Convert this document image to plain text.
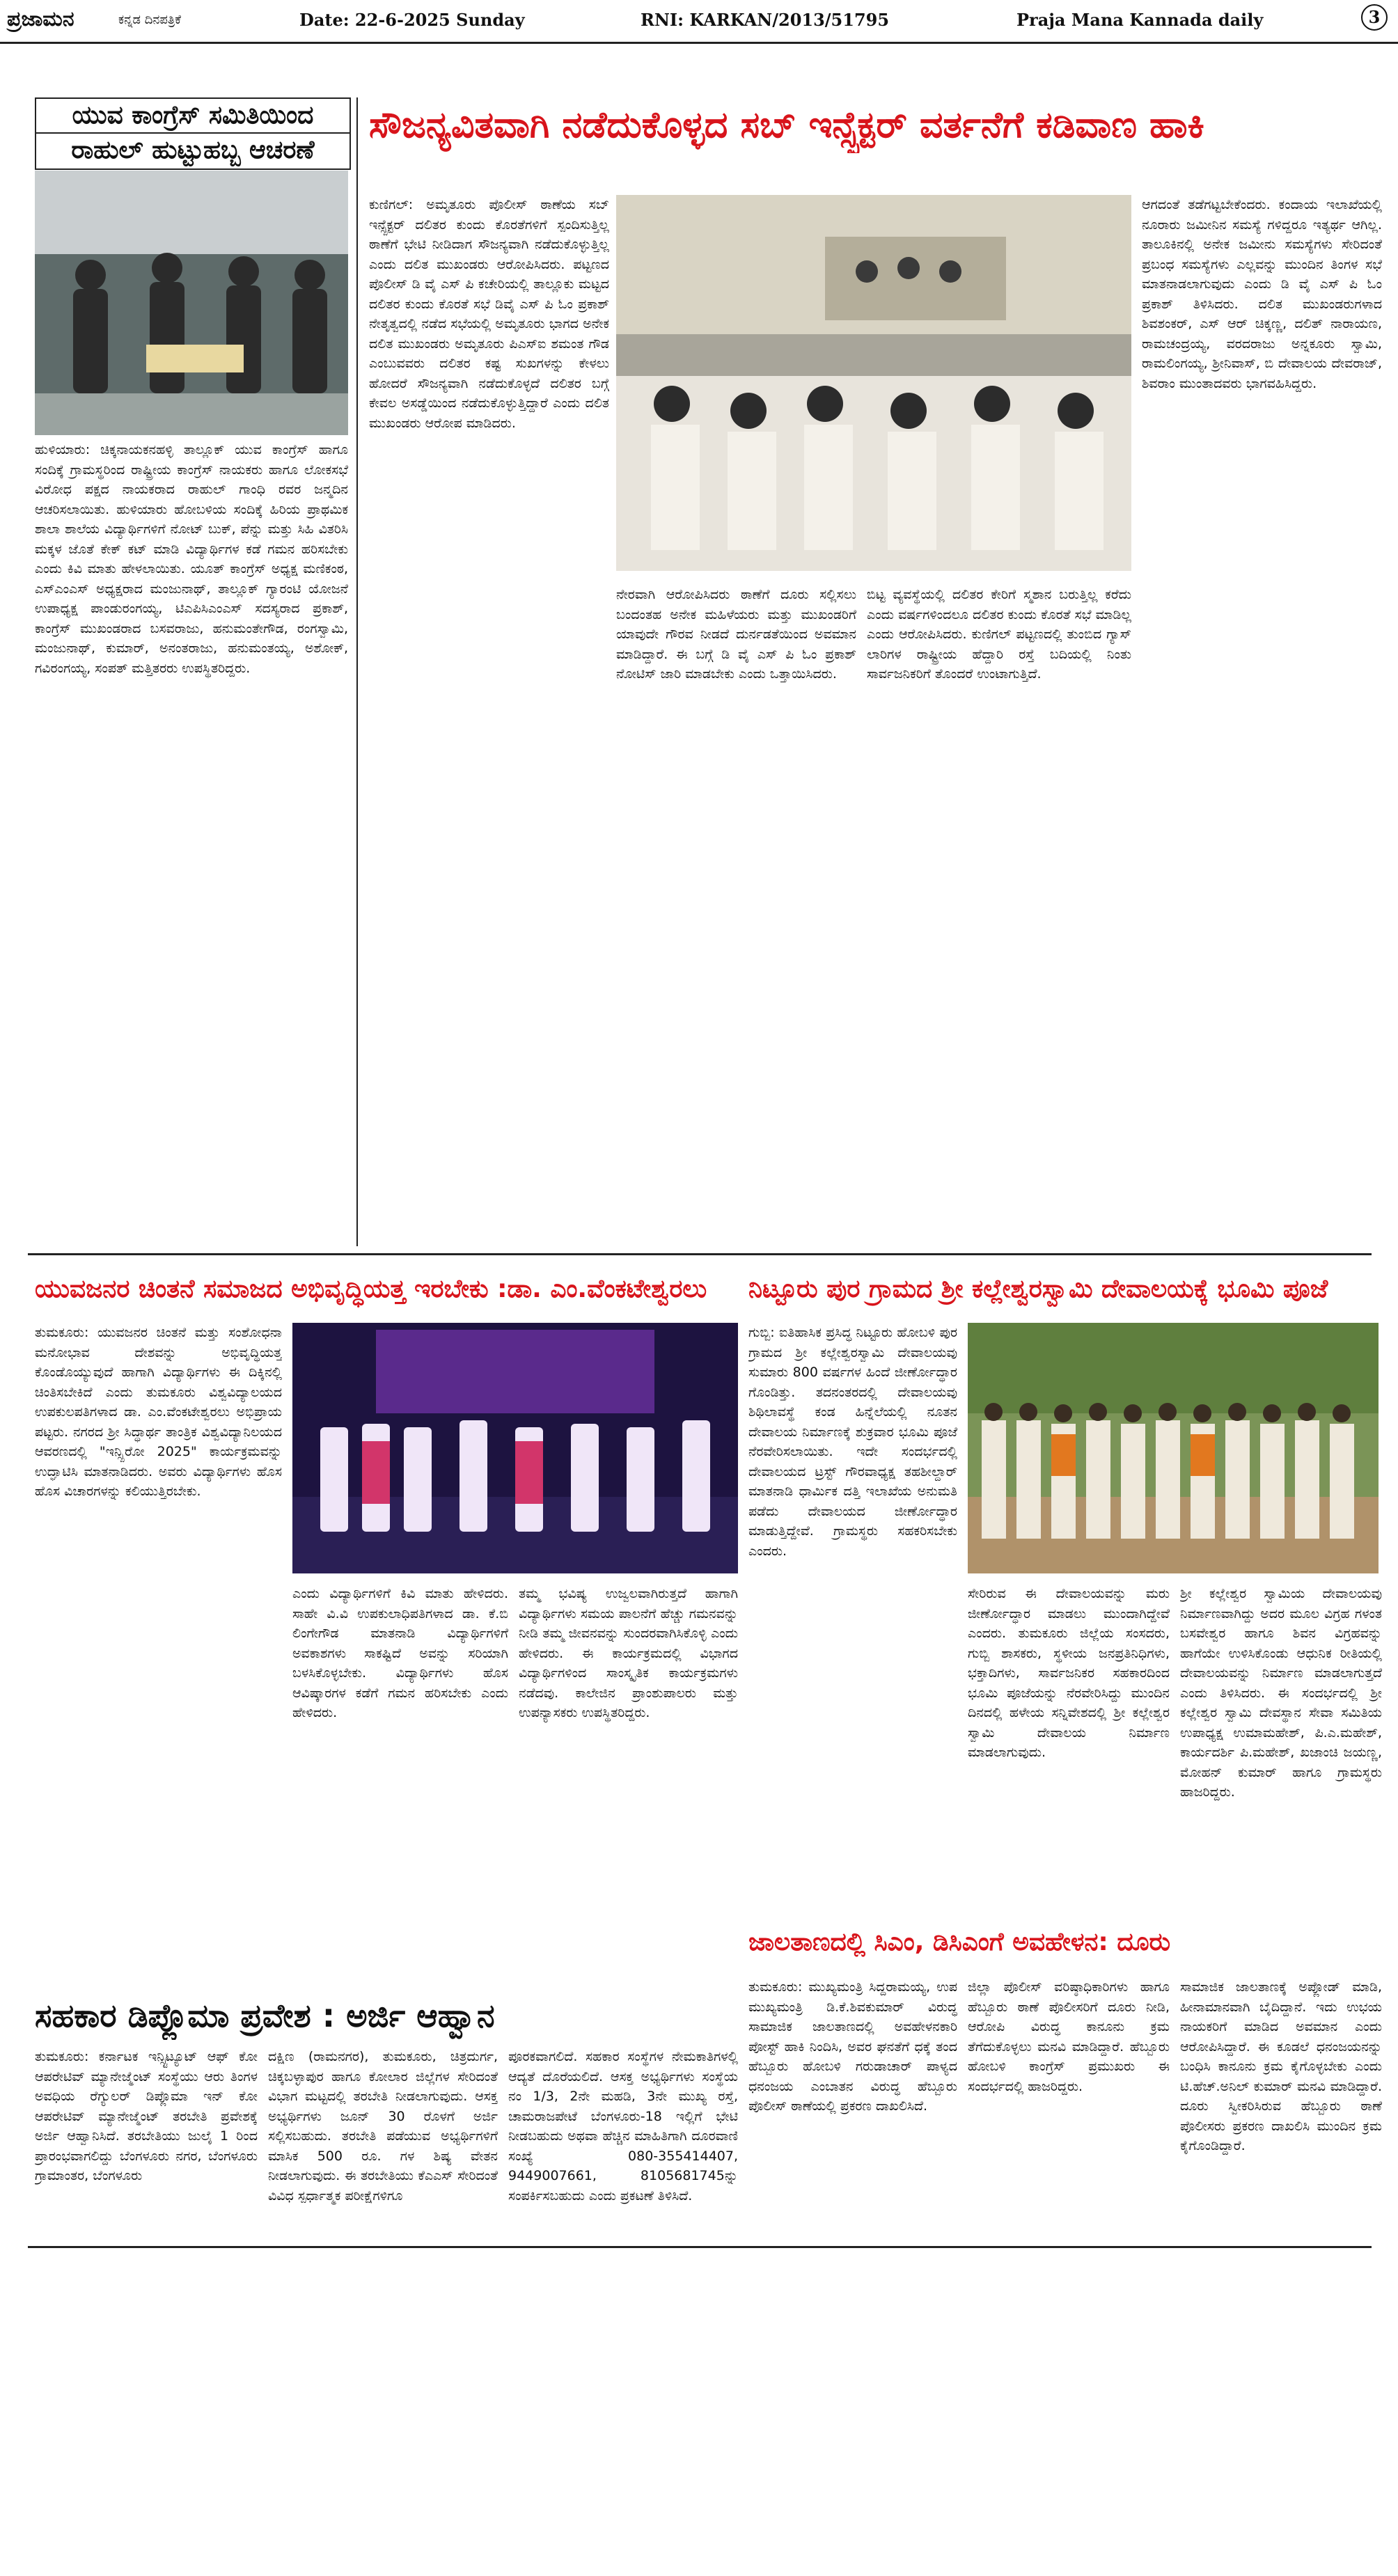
ಪ್ರಜಾಮನ	ಕನ್ನಡ ದಿನಪತ್ರಿಕೆ	Date: 22-6-2025 Sunday	RNI: KARKAN/2013/51795	Praja Mana Kannada daily	3
ಯುವ ಕಾಂಗ್ರೆಸ್ ಸಮಿತಿಯಿಂದ
ರಾಹುಲ್ ಹುಟ್ಟುಹಬ್ಬ ಆಚರಣೆ

ಹುಳಿಯಾರು: ಚಿಕ್ಕನಾಯಕನಹಳ್ಳಿ ತಾಲ್ಲೂಕ್ ಯುವ ಕಾಂಗ್ರೆಸ್ ಹಾಗೂ ಸಂದಿಕ್ಕೆ ಗ್ರಾಮಸ್ಥರಿಂದ ರಾಷ್ಟ್ರೀಯ ಕಾಂಗ್ರೆಸ್ ನಾಯಕರು ಹಾಗೂ ಲೋಕಸಭೆ ವಿರೋಧ ಪಕ್ಷದ ನಾಯಕರಾದ ರಾಹುಲ್ ಗಾಂಧಿ ರವರ ಜನ್ಮದಿನ ಆಚರಿಸಲಾಯಿತು. ಹುಳಿಯಾರು ಹೋಬಳಿಯ ಸಂದಿಕ್ಕೆ ಹಿರಿಯ ಪ್ರಾಥಮಿಕ ಶಾಲಾ ಶಾಲೆಯ ವಿದ್ಯಾರ್ಥಿಗಳಿಗೆ ನೋಟ್ ಬುಕ್, ಪೆನ್ನು ಮತ್ತು ಸಿಹಿ ವಿತರಿಸಿ ಮಕ್ಕಳ ಜೊತೆ ಕೇಕ್ ಕಟ್ ಮಾಡಿ ವಿದ್ಯಾರ್ಥಿಗಳ ಕಡೆ ಗಮನ ಹರಿಸಬೇಕು ಎಂದು ಕಿವಿ ಮಾತು ಹೇಳಲಾಯಿತು. ಯೂತ್ ಕಾಂಗ್ರೆಸ್ ಅಧ್ಯಕ್ಷ ಮಣಿಕಂಠ, ಎಸ್ಎಂಎಸ್ ಅಧ್ಯಕ್ಷರಾದ ಮಂಜುನಾಥ್, ತಾಲ್ಲೂಕ್ ಗ್ಯಾರಂಟಿ ಯೋಜನೆ ಉಪಾಧ್ಯಕ್ಷ ಪಾಂಡುರಂಗಯ್ಯ, ಟಿಎಪಿಸಿಎಂಎಸ್ ಸದಸ್ಯರಾದ ಪ್ರಕಾಶ್, ಕಾಂಗ್ರೆಸ್ ಮುಖಂಡರಾದ ಬಸವರಾಜು, ಹನುಮಂತೇಗೌಡ, ರಂಗಸ್ವಾಮಿ, ಮಂಜುನಾಥ್, ಕುಮಾರ್, ಅನಂತರಾಜು, ಹನುಮಂತಯ್ಯ, ಅಶೋಕ್, ಗವಿರಂಗಯ್ಯ, ಸಂಪತ್ ಮತ್ತಿತರರು ಉಪಸ್ಥಿತರಿದ್ದರು.

ಸೌಜನ್ಯವಿತವಾಗಿ ನಡೆದುಕೊಳ್ಳದ ಸಬ್ ಇನ್ಸ್ಪೆಕ್ಟರ್ ವರ್ತನೆಗೆ ಕಡಿವಾಣ ಹಾಕಿ

ಕುಣಿಗಲ್: ಅಮೃತೂರು ಪೊಲೀಸ್ ಠಾಣೆಯ ಸಬ್ ಇನ್ಸ್ಪೆಕ್ಟರ್ ದಲಿತರ ಕುಂದು ಕೊರತೆಗಳಿಗೆ ಸ್ಪಂದಿಸುತ್ತಿಲ್ಲ ಠಾಣೆಗೆ ಭೇಟಿ ನೀಡಿದಾಗ ಸೌಜನ್ಯವಾಗಿ ನಡೆದುಕೊಳ್ಳುತ್ತಿಲ್ಲ ಎಂದು ದಲಿತ ಮುಖಂಡರು ಆರೋಪಿಸಿದರು. ಪಟ್ಟಣದ ಪೊಲೀಸ್ ಡಿ ವೈ ಎಸ್ ಪಿ ಕಚೇರಿಯಲ್ಲಿ ತಾಲ್ಲೂಕು ಮಟ್ಟದ ದಲಿತರ ಕುಂದು ಕೊರತೆ ಸಭೆ ಡಿವೈ ಎಸ್ ಪಿ ಓಂ ಪ್ರಕಾಶ್ ನೇತೃತ್ವದಲ್ಲಿ ನಡೆದ ಸಭೆಯಲ್ಲಿ ಅಮೃತೂರು ಭಾಗದ ಅನೇಕ ದಲಿತ ಮುಖಂಡರು ಅಮೃತೂರು ಪಿಎಸ್ಐ ಶಮಂತ ಗೌಡ ಎಂಬುವವರು ದಲಿತರ ಕಷ್ಟ ಸುಖಗಳನ್ನು ಕೇಳಲು ಹೋದರೆ ಸೌಜನ್ಯವಾಗಿ ನಡೆದುಕೊಳ್ಳದೆ ದಲಿತರ ಬಗ್ಗೆ ಕೇವಲ ಅಸಡ್ಡೆಯಿಂದ ನಡೆದುಕೊಳ್ಳುತ್ತಿದ್ದಾರೆ ಎಂದು ದಲಿತ ಮುಖಂಡರು ಆರೋಪ ಮಾಡಿದರು.

ನೇರವಾಗಿ ಆರೋಪಿಸಿದರು ಠಾಣೆಗೆ ದೂರು ಸಲ್ಲಿಸಲು ಬಂದಂತಹ ಅನೇಕ ಮಹಿಳೆಯರು ಮತ್ತು ಮುಖಂಡರಿಗೆ ಯಾವುದೇ ಗೌರವ ನೀಡದೆ ದುರ್ನಡತೆಯಿಂದ ಅವಮಾನ ಮಾಡಿದ್ದಾರೆ. ಈ ಬಗ್ಗೆ ಡಿ ವೈ ಎಸ್ ಪಿ ಓಂ ಪ್ರಕಾಶ್ ನೋಟಿಸ್ ಜಾರಿ ಮಾಡಬೇಕು ಎಂದು ಒತ್ತಾಯಿಸಿದರು.

ಬಿಟ್ಟ ವ್ಯವಸ್ಥೆಯಲ್ಲಿ ದಲಿತರ ಕೇರಿಗೆ ಸ್ಮಶಾನ ಬರುತ್ತಿಲ್ಲ ಕರೆದು ಎಂದು ವರ್ಷಗಳಿಂದಲೂ ದಲಿತರ ಕುಂದು ಕೊರತೆ ಸಭೆ ಮಾಡಿಲ್ಲ ಎಂದು ಆರೋಪಿಸಿದರು. ಕುಣಿಗಲ್ ಪಟ್ಟಣದಲ್ಲಿ ತುಂಬಿದ ಗ್ಯಾಸ್ ಲಾರಿಗಳ ರಾಷ್ಟ್ರೀಯ ಹೆದ್ದಾರಿ ರಸ್ತೆ ಬದಿಯಲ್ಲಿ ನಿಂತು ಸಾರ್ವಜನಿಕರಿಗೆ ತೊಂದರೆ ಉಂಟಾಗುತ್ತಿದೆ.

ಆಗದಂತೆ ತಡೆಗಟ್ಟಬೇಕೆಂದರು. ಕಂದಾಯ ಇಲಾಖೆಯಲ್ಲಿ ನೂರಾರು ಜಮೀನಿನ ಸಮಸ್ಯೆ ಗಳಿದ್ದರೂ ಇತ್ಯರ್ಥ ಆಗಿಲ್ಲ. ತಾಲೂಕಿನಲ್ಲಿ ಅನೇಕ ಜಮೀನು ಸಮಸ್ಯೆಗಳು ಸೇರಿದಂತೆ ಪ್ರಬಂಧ ಸಮಸ್ಯೆಗಳು ಎಲ್ಲವನ್ನು ಮುಂದಿನ ತಿಂಗಳ ಸಭೆ ಮಾತನಾಡಲಾಗುವುದು ಎಂದು ಡಿ ವೈ ಎಸ್ ಪಿ ಓಂ ಪ್ರಕಾಶ್ ತಿಳಿಸಿದರು. ದಲಿತ ಮುಖಂಡರುಗಳಾದ ಶಿವಶಂಕರ್, ಎಸ್ ಆರ್ ಚಿಕ್ಕಣ್ಣ, ದಲಿತ್ ನಾರಾಯಣ, ರಾಮಚಂದ್ರಯ್ಯ, ವರದರಾಜು ಅನ್ನಕೂರು ಸ್ವಾಮಿ, ರಾಮಲಿಂಗಯ್ಯ, ಶ್ರೀನಿವಾಸ್, ಬಿ ದೇವಾಲಯ ದೇವರಾಜ್, ಶಿವರಾಂ ಮುಂತಾದವರು ಭಾಗವಹಿಸಿದ್ದರು.

ಯುವಜನರ ಚಿಂತನೆ ಸಮಾಜದ ಅಭಿವೃದ್ಧಿಯತ್ತ ಇರಬೇಕು :ಡಾ. ಎಂ.ವೆಂಕಟೇಶ್ವರಲು

ತುಮಕೂರು: ಯುವಜನರ ಚಿಂತನೆ ಮತ್ತು ಸಂಶೋಧನಾ ಮನೋಭಾವ ದೇಶವನ್ನು ಅಭಿವೃದ್ಧಿಯತ್ತ ಕೊಂಡೊಯ್ಯುವುದೆ ಹಾಗಾಗಿ ವಿದ್ಯಾರ್ಥಿಗಳು ಈ ದಿಕ್ಕಿನಲ್ಲಿ ಚಿಂತಿಸಬೇಕಿದೆ ಎಂದು ತುಮಕೂರು ವಿಶ್ವವಿದ್ಯಾಲಯದ ಉಪಕುಲಪತಿಗಳಾದ ಡಾ. ಎಂ.ವೆಂಕಟೇಶ್ವರಲು ಅಭಿಪ್ರಾಯ ಪಟ್ಟರು. ನಗರದ ಶ್ರೀ ಸಿದ್ಧಾರ್ಥ ತಾಂತ್ರಿಕ ವಿಶ್ವವಿದ್ಯಾನಿಲಯದ ಆವರಣದಲ್ಲಿ "ಇನ್ಸ್ಪಿರೋ 2025" ಕಾರ್ಯಕ್ರಮವನ್ನು ಉದ್ಘಾಟಿಸಿ ಮಾತನಾಡಿದರು. ಅವರು ವಿದ್ಯಾರ್ಥಿಗಳು ಹೊಸ ಹೊಸ ವಿಚಾರಗಳನ್ನು ಕಲಿಯುತ್ತಿರಬೇಕು.

ಎಂದು ವಿದ್ಯಾರ್ಥಿಗಳಿಗೆ ಕಿವಿ ಮಾತು ಹೇಳಿದರು. ಸಾಹೇ ವಿ.ವಿ ಉಪಕುಲಾಧಿಪತಿಗಳಾದ ಡಾ. ಕೆ.ಬಿ ಲಿಂಗೇಗೌಡ ಮಾತನಾಡಿ ವಿದ್ಯಾರ್ಥಿಗಳಿಗೆ ಅವಕಾಶಗಳು ಸಾಕಷ್ಟಿದೆ ಅವನ್ನು ಸರಿಯಾಗಿ ಬಳಸಿಕೊಳ್ಳಬೇಕು. ವಿದ್ಯಾರ್ಥಿಗಳು ಹೊಸ ಆವಿಷ್ಕಾರಗಳ ಕಡೆಗೆ ಗಮನ ಹರಿಸಬೇಕು ಎಂದು ಹೇಳಿದರು.

ತಮ್ಮ ಭವಿಷ್ಯ ಉಜ್ವಲವಾಗಿರುತ್ತದೆ ಹಾಗಾಗಿ ವಿದ್ಯಾರ್ಥಿಗಳು ಸಮಯ ಪಾಲನೆಗೆ ಹೆಚ್ಚು ಗಮನವನ್ನು ನೀಡಿ ತಮ್ಮ ಜೀವನವನ್ನು ಸುಂದರವಾಗಿಸಿಕೊಳ್ಳಿ ಎಂದು ಹೇಳಿದರು. ಈ ಕಾರ್ಯಕ್ರಮದಲ್ಲಿ ವಿಭಾಗದ ವಿದ್ಯಾರ್ಥಿಗಳಿಂದ ಸಾಂಸ್ಕೃತಿಕ ಕಾರ್ಯಕ್ರಮಗಳು ನಡೆದವು. ಕಾಲೇಜಿನ ಪ್ರಾಂಶುಪಾಲರು ಮತ್ತು ಉಪನ್ಯಾಸಕರು ಉಪಸ್ಥಿತರಿದ್ದರು.

ನಿಟ್ಟೂರು ಪುರ ಗ್ರಾಮದ ಶ್ರೀ ಕಲ್ಲೇಶ್ವರಸ್ವಾಮಿ ದೇವಾಲಯಕ್ಕೆ ಭೂಮಿ ಪೂಜೆ

ಗುಬ್ಬಿ: ಐತಿಹಾಸಿಕ ಪ್ರಸಿದ್ಧ ನಿಟ್ಟೂರು ಹೋಬಳಿ ಪುರ ಗ್ರಾಮದ ಶ್ರೀ ಕಲ್ಲೇಶ್ವರಸ್ವಾಮಿ ದೇವಾಲಯವು ಸುಮಾರು 800 ವರ್ಷಗಳ ಹಿಂದೆ ಜೀರ್ಣೋದ್ಧಾರ ಗೊಂಡಿತ್ತು. ತದನಂತರದಲ್ಲಿ ದೇವಾಲಯವು ಶಿಥಿಲಾವಸ್ಥೆ ಕಂಡ ಹಿನ್ನೆಲೆಯಲ್ಲಿ ನೂತನ ದೇವಾಲಯ ನಿರ್ಮಾಣಕ್ಕೆ ಶುಕ್ರವಾರ ಭೂಮಿ ಪೂಜೆ ನೆರವೇರಿಸಲಾಯಿತು. ಇದೇ ಸಂದರ್ಭದಲ್ಲಿ ದೇವಾಲಯದ ಟ್ರಸ್ಟ್ ಗೌರವಾಧ್ಯಕ್ಷ ತಹಶೀಲ್ದಾರ್ ಮಾತನಾಡಿ ಧಾರ್ಮಿಕ ದತ್ತಿ ಇಲಾಖೆಯ ಅನುಮತಿ ಪಡೆದು ದೇವಾಲಯದ ಜೀರ್ಣೋದ್ಧಾರ ಮಾಡುತ್ತಿದ್ದೇವೆ. ಗ್ರಾಮಸ್ಥರು ಸಹಕರಿಸಬೇಕು ಎಂದರು.

ಸೇರಿರುವ ಈ ದೇವಾಲಯವನ್ನು ಮರು ಜೀರ್ಣೋದ್ಧಾರ ಮಾಡಲು ಮುಂದಾಗಿದ್ದೇವೆ ಎಂದರು. ತುಮಕೂರು ಜಿಲ್ಲೆಯ ಸಂಸದರು, ಗುಬ್ಬಿ ಶಾಸಕರು, ಸ್ಥಳೀಯ ಜನಪ್ರತಿನಿಧಿಗಳು, ಭಕ್ತಾದಿಗಳು, ಸಾರ್ವಜನಿಕರ ಸಹಕಾರದಿಂದ ಭೂಮಿ ಪೂಜೆಯನ್ನು ನೆರವೇರಿಸಿದ್ದು ಮುಂದಿನ ದಿನದಲ್ಲಿ ಹಳೇಯ ಸನ್ನಿವೇಶದಲ್ಲಿ ಶ್ರೀ ಕಲ್ಲೇಶ್ವರ ಸ್ವಾಮಿ ದೇವಾಲಯ ನಿರ್ಮಾಣ ಮಾಡಲಾಗುವುದು.

ಶ್ರೀ ಕಲ್ಲೇಶ್ವರ ಸ್ವಾಮಿಯ ದೇವಾಲಯವು ನಿರ್ಮಾಣವಾಗಿದ್ದು ಅದರ ಮೂಲ ವಿಗ್ರಹ ಗಳಂತ ಬಸವೇಶ್ವರ ಹಾಗೂ ಶಿವನ ವಿಗ್ರಹವನ್ನು ಹಾಗೆಯೇ ಉಳಿಸಿಕೊಂಡು ಆಧುನಿಕ ರೀತಿಯಲ್ಲಿ ದೇವಾಲಯವನ್ನು ನಿರ್ಮಾಣ ಮಾಡಲಾಗುತ್ತದೆ ಎಂದು ತಿಳಿಸಿದರು. ಈ ಸಂದರ್ಭದಲ್ಲಿ ಶ್ರೀ ಕಲ್ಲೇಶ್ವರ ಸ್ವಾಮಿ ದೇವಸ್ಥಾನ ಸೇವಾ ಸಮಿತಿಯ ಉಪಾಧ್ಯಕ್ಷ ಉಮಾಮಹೇಶ್, ಪಿ.ಎ.ಮಹೇಶ್, ಕಾರ್ಯದರ್ಶಿ ಪಿ.ಮಹೇಶ್, ಖಜಾಂಚಿ ಜಯಣ್ಣ, ಮೋಹನ್ ಕುಮಾರ್ ಹಾಗೂ ಗ್ರಾಮಸ್ಥರು ಹಾಜರಿದ್ದರು.

ಜಾಲತಾಣದಲ್ಲಿ ಸಿಎಂ, ಡಿಸಿಎಂಗೆ ಅವಹೇಳನ: ದೂರು

ತುಮಕೂರು: ಮುಖ್ಯಮಂತ್ರಿ ಸಿದ್ದರಾಮಯ್ಯ, ಉಪ ಮುಖ್ಯಮಂತ್ರಿ ಡಿ.ಕೆ.ಶಿವಕುಮಾರ್ ವಿರುದ್ಧ ಸಾಮಾಜಿಕ ಜಾಲತಾಣದಲ್ಲಿ ಅವಹೇಳನಕಾರಿ ಪೋಸ್ಟ್ ಹಾಕಿ ನಿಂದಿಸಿ, ಅವರ ಘನತೆಗೆ ಧಕ್ಕೆ ತಂದ ಹೆಬ್ಬೂರು ಹೋಬಳಿ ಗರುಡಾಚಾರ್ ಪಾಳ್ಯದ ಧನಂಜಯ ಎಂಬಾತನ ವಿರುದ್ಧ ಹೆಬ್ಬೂರು ಪೊಲೀಸ್ ಠಾಣೆಯಲ್ಲಿ ಪ್ರಕರಣ ದಾಖಲಿಸಿದೆ.

ಜಿಲ್ಲಾ ಪೊಲೀಸ್ ವರಿಷ್ಠಾಧಿಕಾರಿಗಳು ಹಾಗೂ ಹೆಬ್ಬೂರು ಠಾಣೆ ಪೊಲೀಸರಿಗೆ ದೂರು ನೀಡಿ, ಆರೋಪಿ ವಿರುದ್ಧ ಕಾನೂನು ಕ್ರಮ ತೆಗೆದುಕೊಳ್ಳಲು ಮನವಿ ಮಾಡಿದ್ದಾರೆ. ಹೆಬ್ಬೂರು ಹೋಬಳಿ ಕಾಂಗ್ರೆಸ್ ಪ್ರಮುಖರು ಈ ಸಂದರ್ಭದಲ್ಲಿ ಹಾಜರಿದ್ದರು.

ಸಾಮಾಜಿಕ ಜಾಲತಾಣಕ್ಕೆ ಅಪ್ಲೋಡ್ ಮಾಡಿ, ಹೀನಾಮಾನವಾಗಿ ಬೈದಿದ್ದಾನೆ. ಇದು ಉಭಯ ನಾಯಕರಿಗೆ ಮಾಡಿದ ಅವಮಾನ ಎಂದು ಆರೋಪಿಸಿದ್ದಾರೆ. ಈ ಕೂಡಲೆ ಧನಂಜಯನನ್ನು ಬಂಧಿಸಿ ಕಾನೂನು ಕ್ರಮ ಕೈಗೊಳ್ಳಬೇಕು ಎಂದು ಟಿ.ಹೆಚ್.ಅನಿಲ್ ಕುಮಾರ್ ಮನವಿ ಮಾಡಿದ್ದಾರೆ. ದೂರು ಸ್ವೀಕರಿಸಿರುವ ಹೆಬ್ಬೂರು ಠಾಣೆ ಪೊಲೀಸರು ಪ್ರಕರಣ ದಾಖಲಿಸಿ ಮುಂದಿನ ಕ್ರಮ ಕೈಗೊಂಡಿದ್ದಾರೆ.

ಸಹಕಾರ ಡಿಪ್ಲೊಮಾ ಪ್ರವೇಶ : ಅರ್ಜಿ ಆಹ್ವಾನ

ತುಮಕೂರು: ಕರ್ನಾಟಕ ಇನ್ಸ್ಟಿಟ್ಯೂಟ್ ಆಫ್ ಕೋ ಆಪರೇಟಿವ್ ಮ್ಯಾನೇಜ್ಮೆಂಟ್ ಸಂಸ್ಥೆಯು ಆರು ತಿಂಗಳ ಅವಧಿಯ ರೆಗ್ಯುಲರ್ ಡಿಪ್ಲೊಮಾ ಇನ್ ಕೋ ಆಪರೇಟಿವ್ ಮ್ಯಾನೇಜ್ಮೆಂಟ್ ತರಬೇತಿ ಪ್ರವೇಶಕ್ಕೆ ಅರ್ಜಿ ಆಹ್ವಾನಿಸಿದೆ. ತರಬೇತಿಯು ಜುಲೈ 1 ರಿಂದ ಪ್ರಾರಂಭವಾಗಲಿದ್ದು ಬೆಂಗಳೂರು ನಗರ, ಬೆಂಗಳೂರು ಗ್ರಾಮಾಂತರ, ಬೆಂಗಳೂರು

ದಕ್ಷಿಣ (ರಾಮನಗರ), ತುಮಕೂರು, ಚಿತ್ರದುರ್ಗ, ಚಿಕ್ಕಬಳ್ಳಾಪುರ ಹಾಗೂ ಕೋಲಾರ ಜಿಲ್ಲೆಗಳ ಸೇರಿದಂತೆ ವಿಭಾಗ ಮಟ್ಟದಲ್ಲಿ ತರಬೇತಿ ನೀಡಲಾಗುವುದು. ಆಸಕ್ತ ಅಭ್ಯರ್ಥಿಗಳು ಜೂನ್ 30 ರೊಳಗೆ ಅರ್ಜಿ ಸಲ್ಲಿಸಬಹುದು. ತರಬೇತಿ ಪಡೆಯುವ ಅಭ್ಯರ್ಥಿಗಳಿಗೆ ಮಾಸಿಕ 500 ರೂ. ಗಳ ಶಿಷ್ಯ ವೇತನ ನೀಡಲಾಗುವುದು. ಈ ತರಬೇತಿಯು ಕೆಎಎಸ್ ಸೇರಿದಂತೆ ವಿವಿಧ ಸ್ಪರ್ಧಾತ್ಮಕ ಪರೀಕ್ಷೆಗಳಿಗೂ

ಪೂರಕವಾಗಲಿದೆ. ಸಹಕಾರ ಸಂಸ್ಥೆಗಳ ನೇಮಕಾತಿಗಳಲ್ಲಿ ಆದ್ಯತೆ ದೊರೆಯಲಿದೆ. ಆಸಕ್ತ ಅಭ್ಯರ್ಥಿಗಳು ಸಂಸ್ಥೆಯ ನಂ 1/3, 2ನೇ ಮಹಡಿ, 3ನೇ ಮುಖ್ಯ ರಸ್ತೆ, ಚಾಮರಾಜಪೇಟೆ ಬೆಂಗಳೂರು-18 ಇಲ್ಲಿಗೆ ಭೇಟಿ ನೀಡಬಹುದು ಅಥವಾ ಹೆಚ್ಚಿನ ಮಾಹಿತಿಗಾಗಿ ದೂರವಾಣಿ ಸಂಖ್ಯೆ 080-355414407, 9449007661, 8105681745ನ್ನು ಸಂಪರ್ಕಿಸಬಹುದು ಎಂದು ಪ್ರಕಟಣೆ ತಿಳಿಸಿದೆ.
